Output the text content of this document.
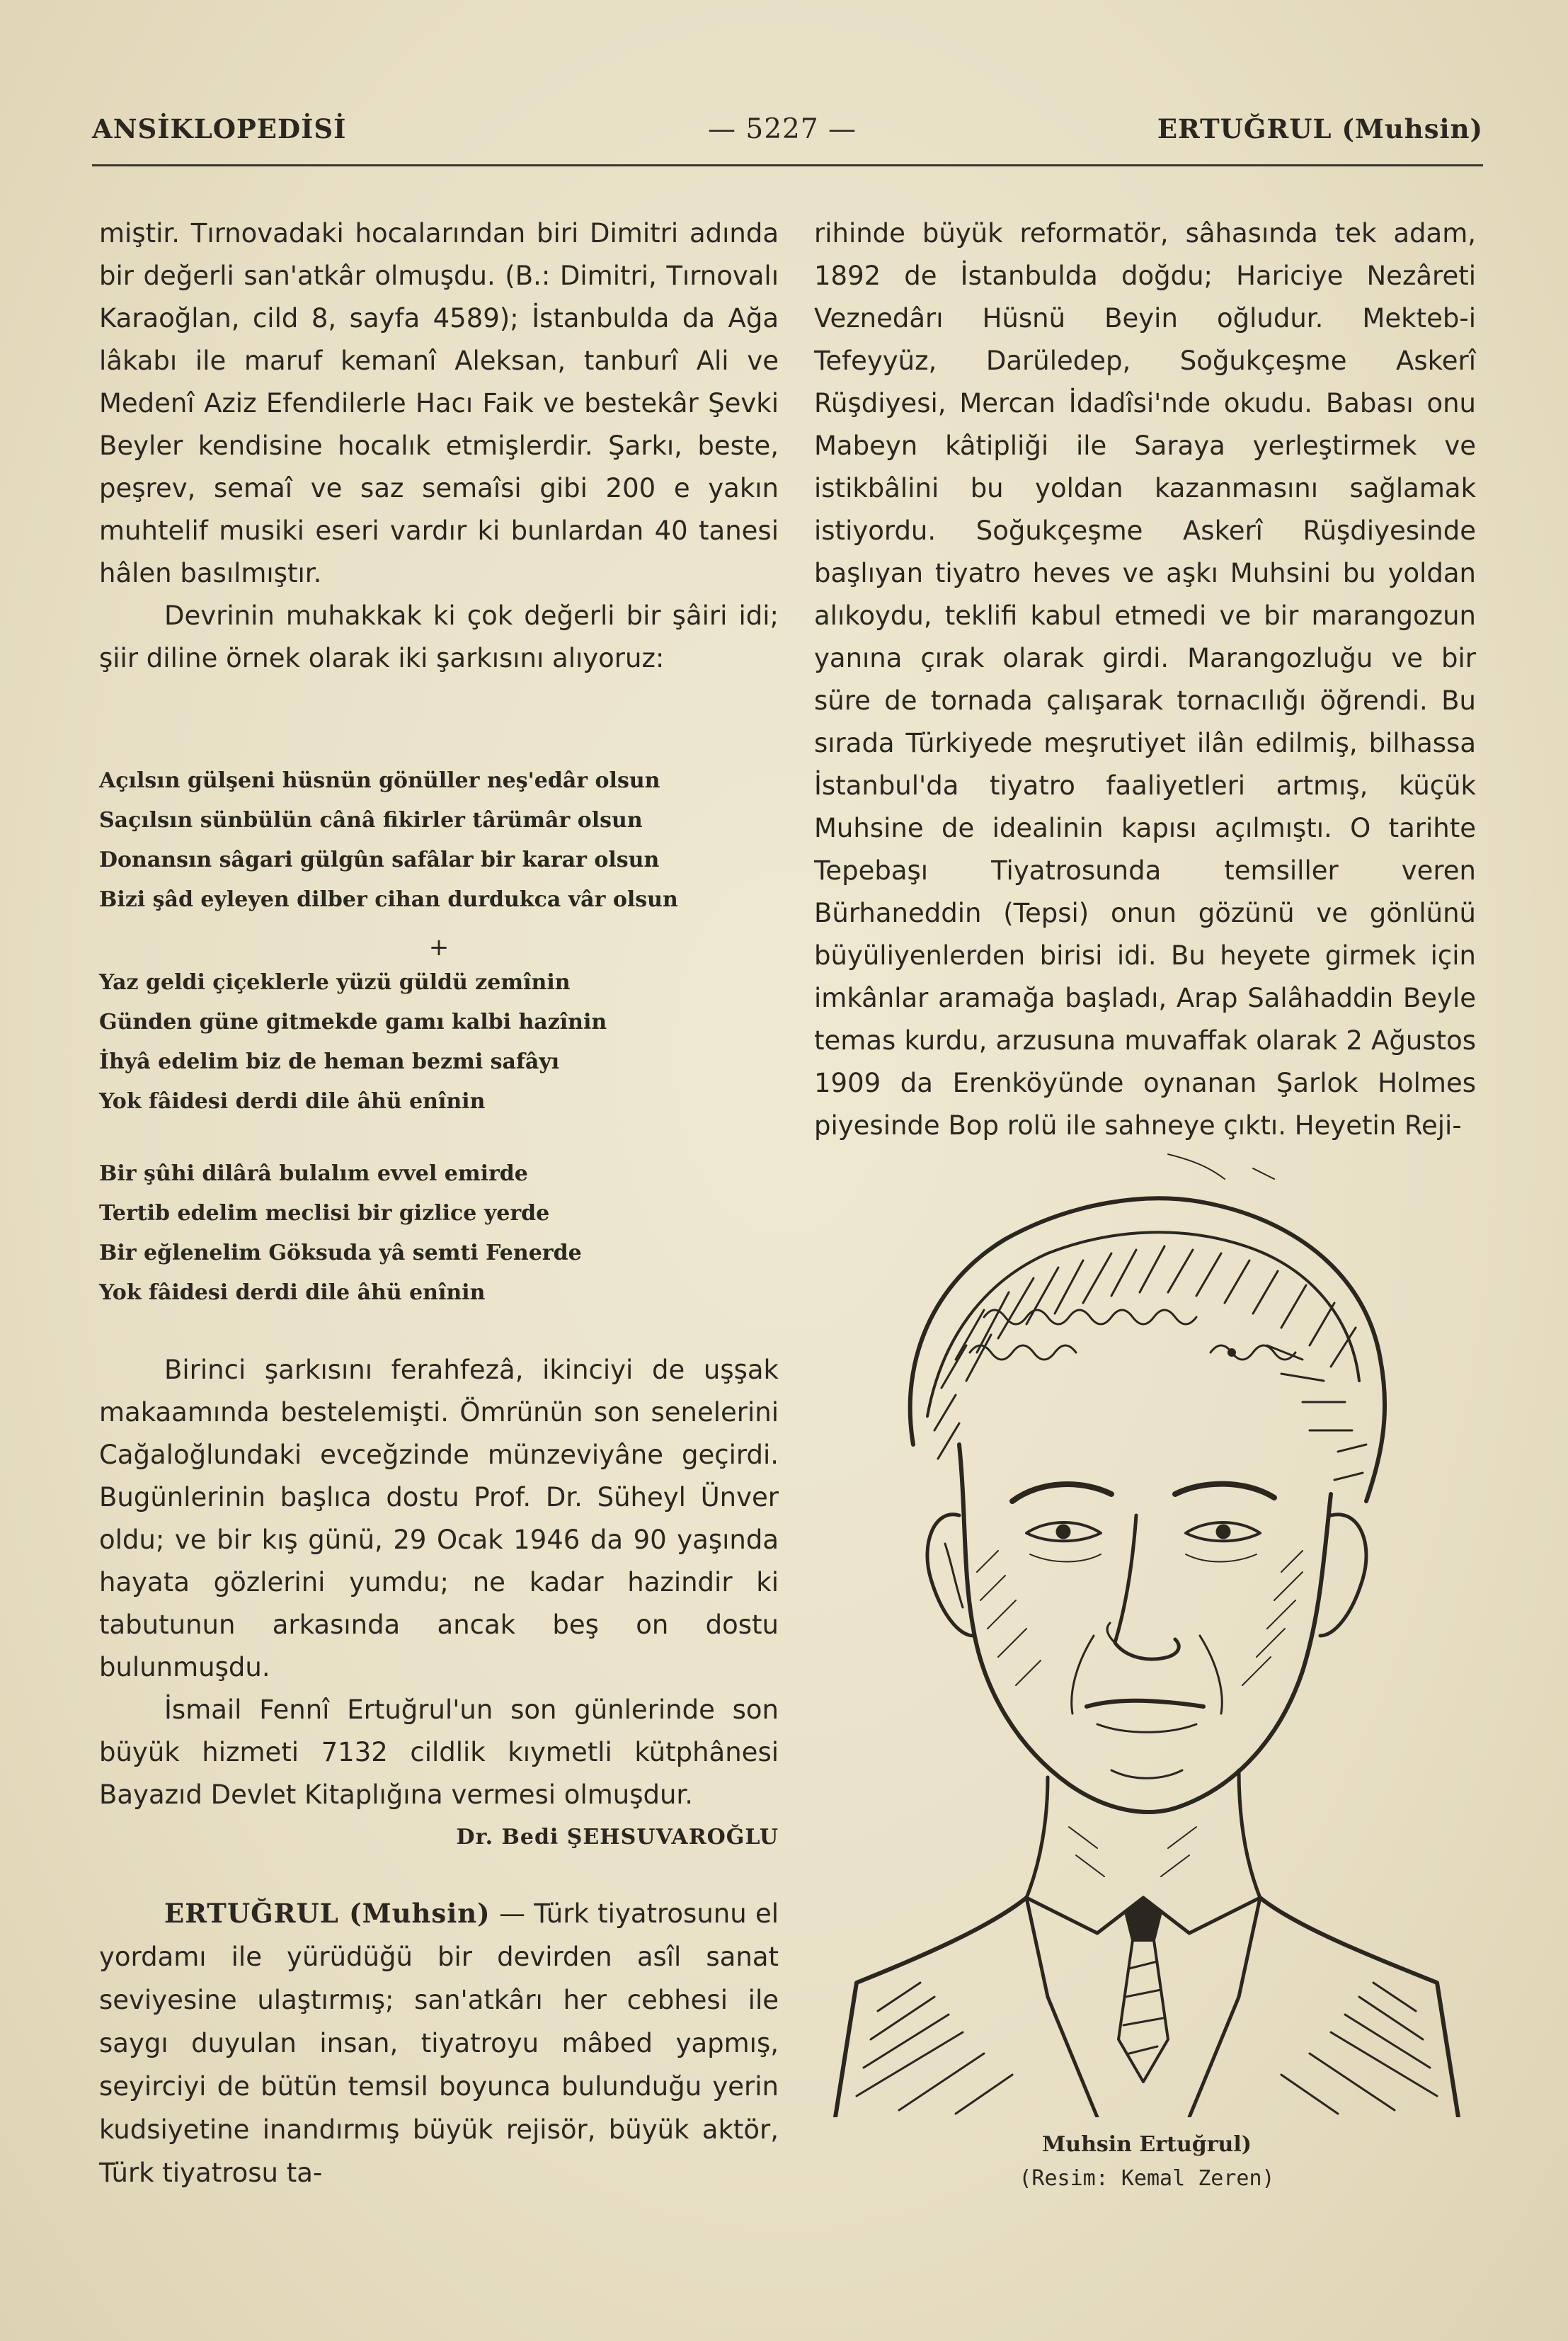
ANSİKLOPEDİSİ	— 5227 —	ERTUĞRUL (Muhsin)

miştir. Tırnovadaki hocalarından biri Dimitri adında bir değerli san'atkâr olmuşdu. (B.: Dimitri, Tırnovalı Karaoğlan, cild 8, sayfa 4589); İstanbulda da Ağa lâkabı ile maruf kemanî Aleksan, tanburî Ali ve Medenî Aziz Efendilerle Hacı Faik ve bestekâr Şevki Beyler kendisine hocalık etmişlerdir. Şarkı, beste, peşrev, semaî ve saz semaîsi gibi 200 e yakın muhtelif musiki eseri vardır ki bunlardan 40 tanesi hâlen basılmıştır.

Devrinin muhakkak ki çok değerli bir şâiri idi; şiir diline örnek olarak iki şarkısını alıyoruz:

Açılsın gülşeni hüsnün gönüller neş'edâr olsun
Saçılsın sünbülün cânâ fikirler târümâr olsun
Donansın sâgari gülgûn safâlar bir karar olsun
Bizi şâd eyleyen dilber cihan durdukca vâr olsun
+
Yaz geldi çiçeklerle yüzü güldü zemînin
Günden güne gitmekde gamı kalbi hazînin
İhyâ edelim biz de heman bezmi safâyı
Yok fâidesi derdi dile âhü enînin
Bir şûhi dilârâ bulalım evvel emirde
Tertib edelim meclisi bir gizlice yerde
Bir eğlenelim Göksuda yâ semti Fenerde
Yok fâidesi derdi dile âhü enînin

Birinci şarkısını ferahfezâ, ikinciyi de uşşak makaamında bestelemişti. Ömrünün son senelerini Cağaloğlundaki evceğzinde münzeviyâne geçirdi. Bugünlerinin başlıca dostu Prof. Dr. Süheyl Ünver oldu; ve bir kış günü, 29 Ocak 1946 da 90 yaşında hayata gözlerini yumdu; ne kadar hazindir ki tabutunun arkasında ancak beş on dostu bulunmuşdu.

İsmail Fennî Ertuğrul'un son günlerinde son büyük hizmeti 7132 cildlik kıymetli kütphânesi Bayazıd Devlet Kitaplığına vermesi olmuşdur.

Dr. Bedi ŞEHSUVAROĞLU

ERTUĞRUL (Muhsin) — Türk tiyatrosunu el yordamı ile yürüdüğü bir devirden asîl sanat seviyesine ulaştırmış; san'atkârı her cebhesi ile saygı duyulan insan, tiyatroyu mâbed yapmış, seyirciyi de bütün temsil boyunca bulunduğu yerin kudsiyetine inandırmış büyük rejisör, büyük aktör, Türk tiyatrosu ta-

rihinde büyük reformatör, sâhasında tek adam, 1892 de İstanbulda doğdu; Hariciye Nezâreti Veznedârı Hüsnü Beyin oğludur. Mekteb-i Tefeyyüz, Darüledep, Soğukçeşme Askerî Rüşdiyesi, Mercan İdadîsi'nde okudu. Babası onu Mabeyn kâtipliği ile Saraya yerleştirmek ve istikbâlini bu yoldan kazanmasını sağlamak istiyordu. Soğukçeşme Askerî Rüşdiyesinde başlıyan tiyatro heves ve aşkı Muhsini bu yoldan alıkoydu, teklifi kabul etmedi ve bir marangozun yanına çırak olarak girdi. Marangozluğu ve bir süre de tornada çalışarak tornacılığı öğrendi. Bu sırada Türkiyede meşrutiyet ilân edilmiş, bilhassa İstanbul'da tiyatro faaliyetleri artmış, küçük Muhsine de idealinin kapısı açılmıştı. O tarihte Tepebaşı Tiyatrosunda temsiller veren Bürhaneddin (Tepsi) onun gözünü ve gönlünü büyüliyenlerden birisi idi. Bu heyete girmek için imkânlar aramağa başladı, Arap Salâhaddin Beyle temas kurdu, arzusuna muvaffak olarak 2 Ağustos 1909 da Erenköyünde oynanan Şarlok Holmes piyesinde Bop rolü ile sahneye çıktı. Heyetin Reji-

Muhsin Ertuğrul)
(Resim: Kemal Zeren)
